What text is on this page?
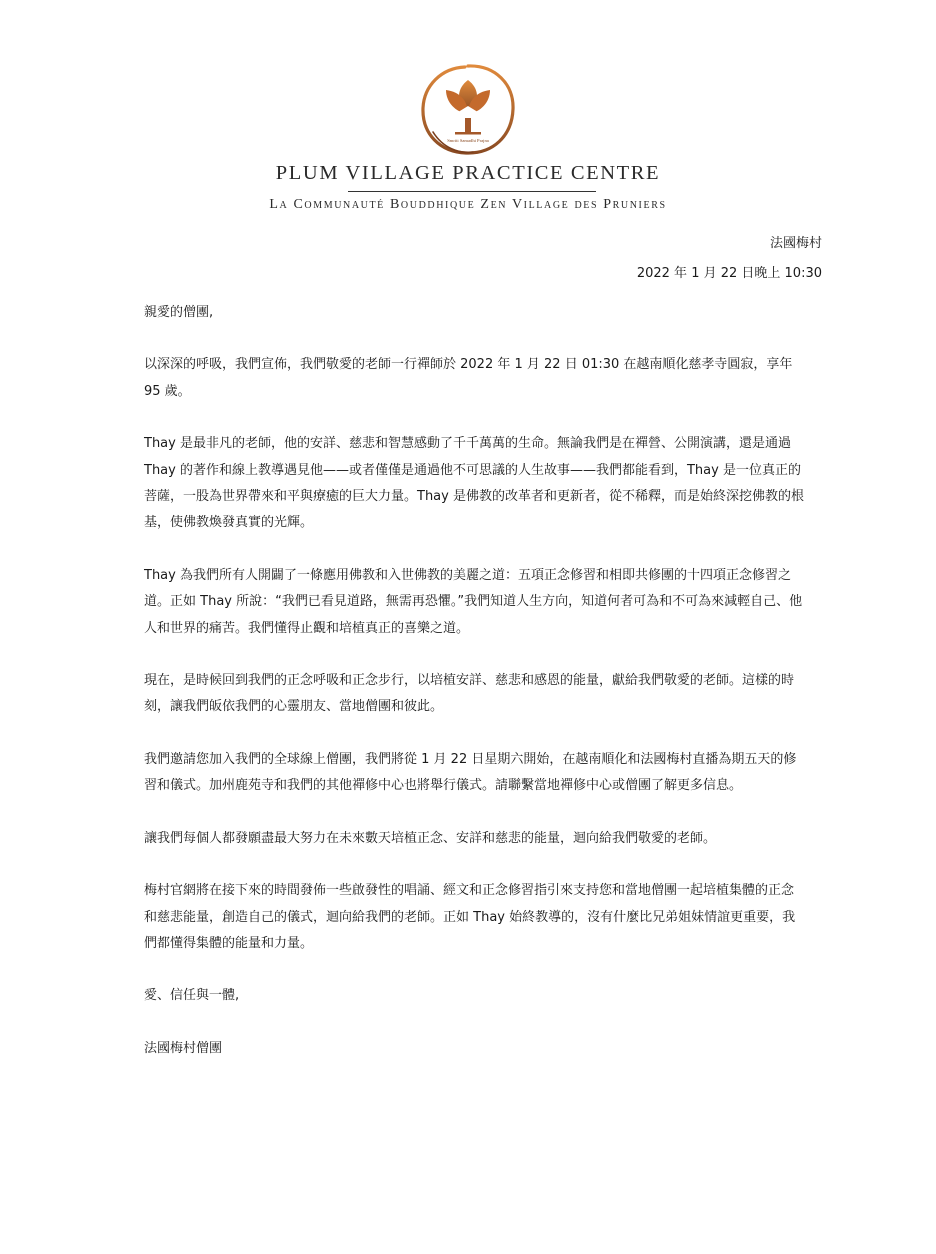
Smriti Samadhi Prajna
PLUM VILLAGE PRACTICE CENTRE
La Communauté Bouddhique Zen Village des Pruniers
法國梅村
2022 年 1 月 22 日晚上 10:30

親愛的僧團,

以深深的呼吸，我們宣佈，我們敬愛的老師一行禪師於 2022 年 1 月 22 日 01:30 在越南順化慈孝寺圓寂，享年 95 歲。

Thay 是最非凡的老師，他的安詳、慈悲和智慧感動了千千萬萬的生命。無論我們是在禪營、公開演講，還是通過 Thay 的著作和線上教導遇見他——或者僅僅是通過他不可思議的人生故事——我們都能看到，Thay 是一位真正的菩薩，一股為世界帶來和平與療癒的巨大力量。Thay 是佛教的改革者和更新者，從不稀釋，而是始終深挖佛教的根基，使佛教煥發真實的光輝。

Thay 為我們所有人開闢了一條應用佛教和入世佛教的美麗之道：五項正念修習和相即共修團的十四項正念修習之道。正如 Thay 所說：“我們已看見道路，無需再恐懼。”我們知道人生方向，知道何者可為和不可為來減輕自己、他人和世界的痛苦。我們懂得止觀和培植真正的喜樂之道。

現在，是時候回到我們的正念呼吸和正念步行，以培植安詳、慈悲和感恩的能量，獻給我們敬愛的老師。這樣的時刻，讓我們皈依我們的心靈朋友、當地僧團和彼此。

我們邀請您加入我們的全球線上僧團，我們將從 1 月 22 日星期六開始，在越南順化和法國梅村直播為期五天的修習和儀式。加州鹿苑寺和我們的其他禪修中心也將舉行儀式。請聯繫當地禪修中心或僧團了解更多信息。

讓我們每個人都發願盡最大努力在未來數天培植正念、安詳和慈悲的能量，迴向給我們敬愛的老師。

梅村官網將在接下來的時間發佈一些啟發性的唱誦、經文和正念修習指引來支持您和當地僧團一起培植集體的正念和慈悲能量，創造自己的儀式，迴向給我們的老師。正如 Thay 始終教導的，沒有什麼比兄弟姐妹情誼更重要，我們都懂得集體的能量和力量。

愛、信任與一體,

法國梅村僧團
